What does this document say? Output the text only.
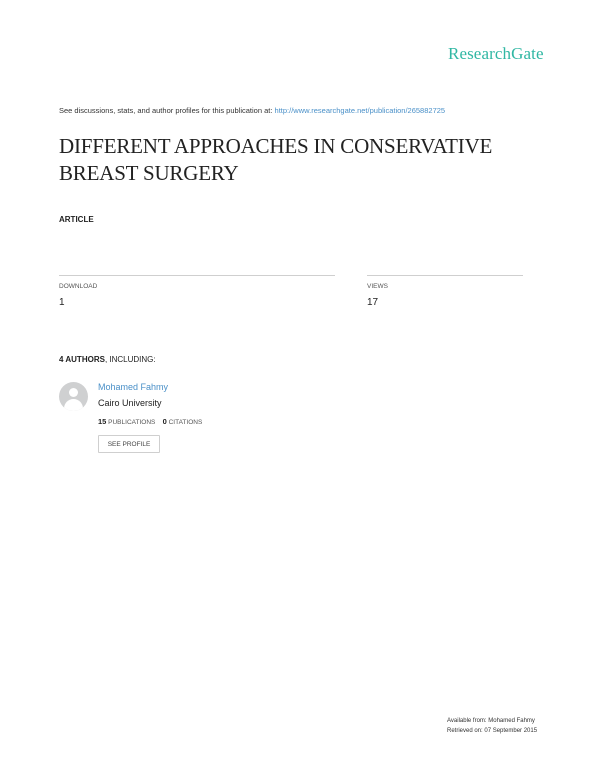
ResearchGate
See discussions, stats, and author profiles for this publication at: http://www.researchgate.net/publication/265882725
DIFFERENT APPROACHES IN CONSERVATIVE BREAST SURGERY
ARTICLE
DOWNLOAD
1
VIEWS
17
4 AUTHORS, INCLUDING:
Mohamed Fahmy
Cairo University
15 PUBLICATIONS 0 CITATIONS
SEE PROFILE
Available from: Mohamed Fahmy
Retrieved on: 07 September 2015
